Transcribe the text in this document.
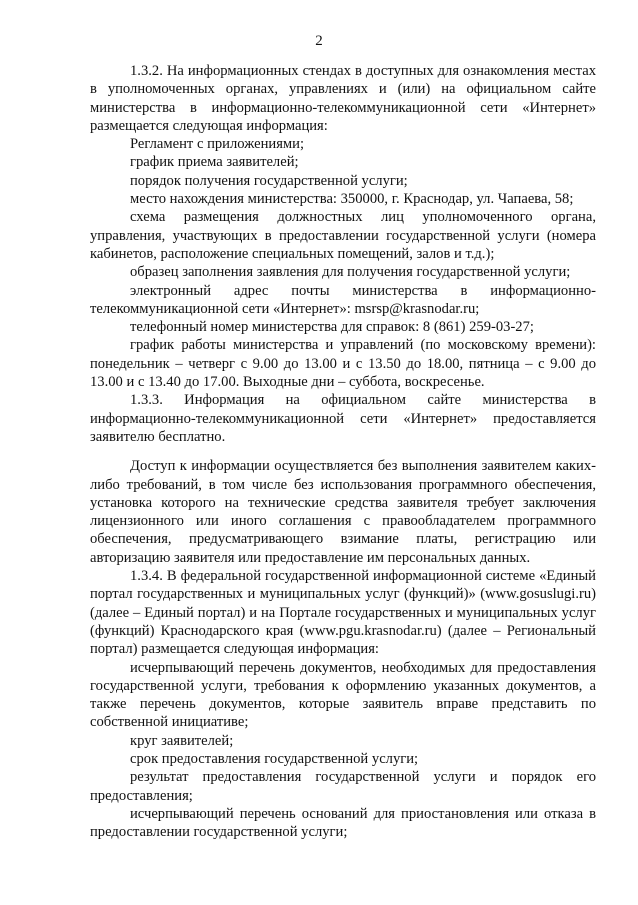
2

1.3.2. На информационных стендах в доступных для ознакомления местах в уполномоченных органах, управлениях и (или) на официальном сайте министерства в информационно-телекоммуникационной сети «Интернет» размещается следующая информация:

Регламент с приложениями;

график приема заявителей;

порядок получения государственной услуги;

место нахождения министерства: 350000, г. Краснодар, ул. Чапаева, 58;

схема размещения должностных лиц уполномоченного органа, управления, участвующих в предоставлении государственной услуги (номера кабинетов, расположение специальных помещений, залов и т.д.);

образец заполнения заявления для получения государственной услуги;

электронный адрес почты министерства в информационно-телекоммуникационной сети «Интернет»: msrsp@krasnodar.ru;

телефонный номер министерства для справок: 8 (861) 259-03-27;

график работы министерства и управлений (по московскому времени): понедельник – четверг с 9.00 до 13.00 и с 13.50 до 18.00, пятница – с 9.00 до 13.00 и с 13.40 до 17.00. Выходные дни – суббота, воскресенье.

1.3.3. Информация на официальном сайте министерства в информационно-телекоммуникационной сети «Интернет» предоставляется заявителю бесплатно.

Доступ к информации осуществляется без выполнения заявителем каких-либо требований, в том числе без использования программного обеспечения, установка которого на технические средства заявителя требует заключения лицензионного или иного соглашения с правообладателем программного обеспечения, предусматривающего взимание платы, регистрацию или авторизацию заявителя или предоставление им персональных данных.

1.3.4. В федеральной государственной информационной системе «Единый портал государственных и муниципальных услуг (функций)» (www.gosuslugi.ru) (далее – Единый портал) и на Портале государственных и муниципальных услуг (функций) Краснодарского края (www.pgu.krasnodar.ru) (далее – Региональный портал) размещается следующая информация:

исчерпывающий перечень документов, необходимых для предоставления государственной услуги, требования к оформлению указанных документов, а также перечень документов, которые заявитель вправе представить по собственной инициативе;

круг заявителей;

срок предоставления государственной услуги;

результат предоставления государственной услуги и порядок его предоставления;

исчерпывающий перечень оснований для приостановления или отказа в предоставлении государственной услуги;
